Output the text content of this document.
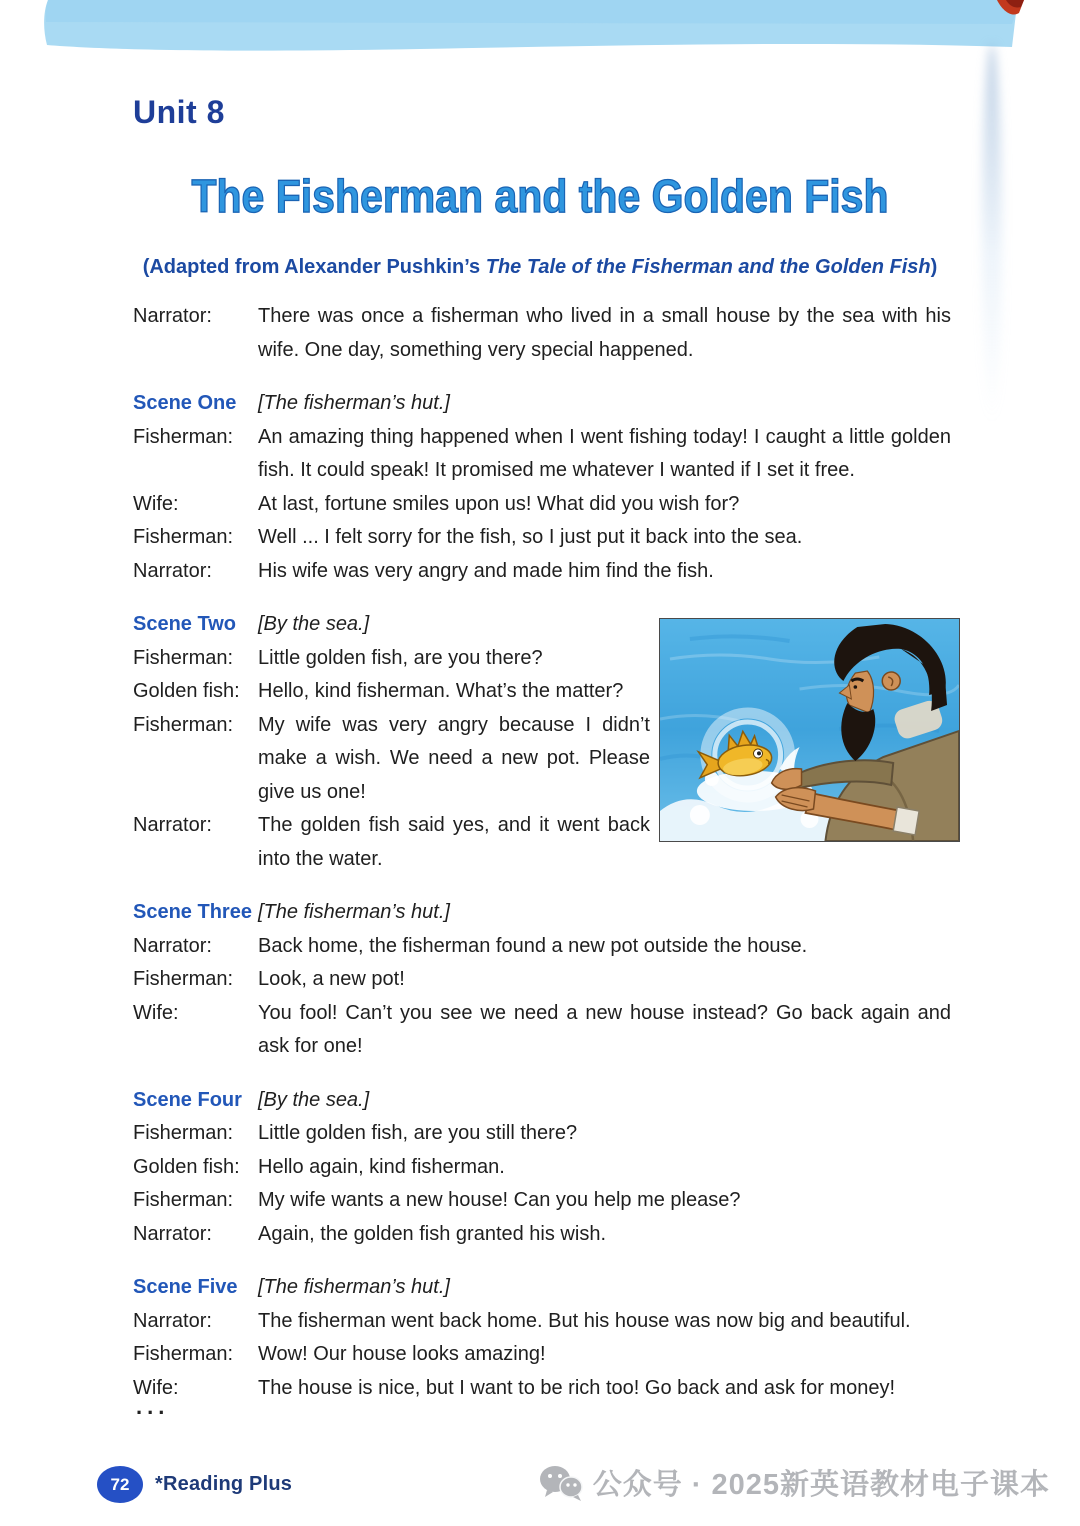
Unit 8
The Fisherman and the Golden Fish
(Adapted from Alexander Pushkin’s The Tale of the Fisherman and the Golden Fish)
Narrator:	There was once a fisherman who lived in a small house by the sea with his wife. One day, something very special happened.
Scene One	[The fisherman’s hut.]
Fisherman:	An amazing thing happened when I went fishing today! I caught a little golden fish. It could speak! It promised me whatever I wanted if I set it free.
Wife:	At last, fortune smiles upon us! What did you wish for?
Fisherman:	Well ... I felt sorry for the fish, so I just put it back into the sea.
Narrator:	His wife was very angry and made him find the fish.
Scene Two	[By the sea.]
Fisherman:	Little golden fish, are you there?
Golden fish: Hello, kind fisherman. What’s the matter?
Fisherman:	My wife was very angry because I didn’t make a wish. We need a new pot. Please give us one!
Narrator:	The golden fish said yes, and it went back into the water.
Scene Three [The fisherman’s hut.]
Narrator:	Back home, the fisherman found a new pot outside the house.
Fisherman:	Look, a new pot!
Wife:	You fool! Can’t you see we need a new house instead? Go back again and ask for one!
Scene Four [By the sea.]
Fisherman:	Little golden fish, are you still there?
Golden fish: Hello again, kind fisherman.
Fisherman:	My wife wants a new house! Can you help me please?
Narrator:	Again, the golden fish granted his wish.
Scene Five	[The fisherman’s hut.]
Narrator:	The fisherman went back home. But his house was now big and beautiful.
Fisherman:	Wow! Our house looks amazing!
Wife:	The house is nice, but I want to be rich too! Go back and ask for money!
...
72 *Reading Plus	公众号 · 2025新英语教材电子课本
